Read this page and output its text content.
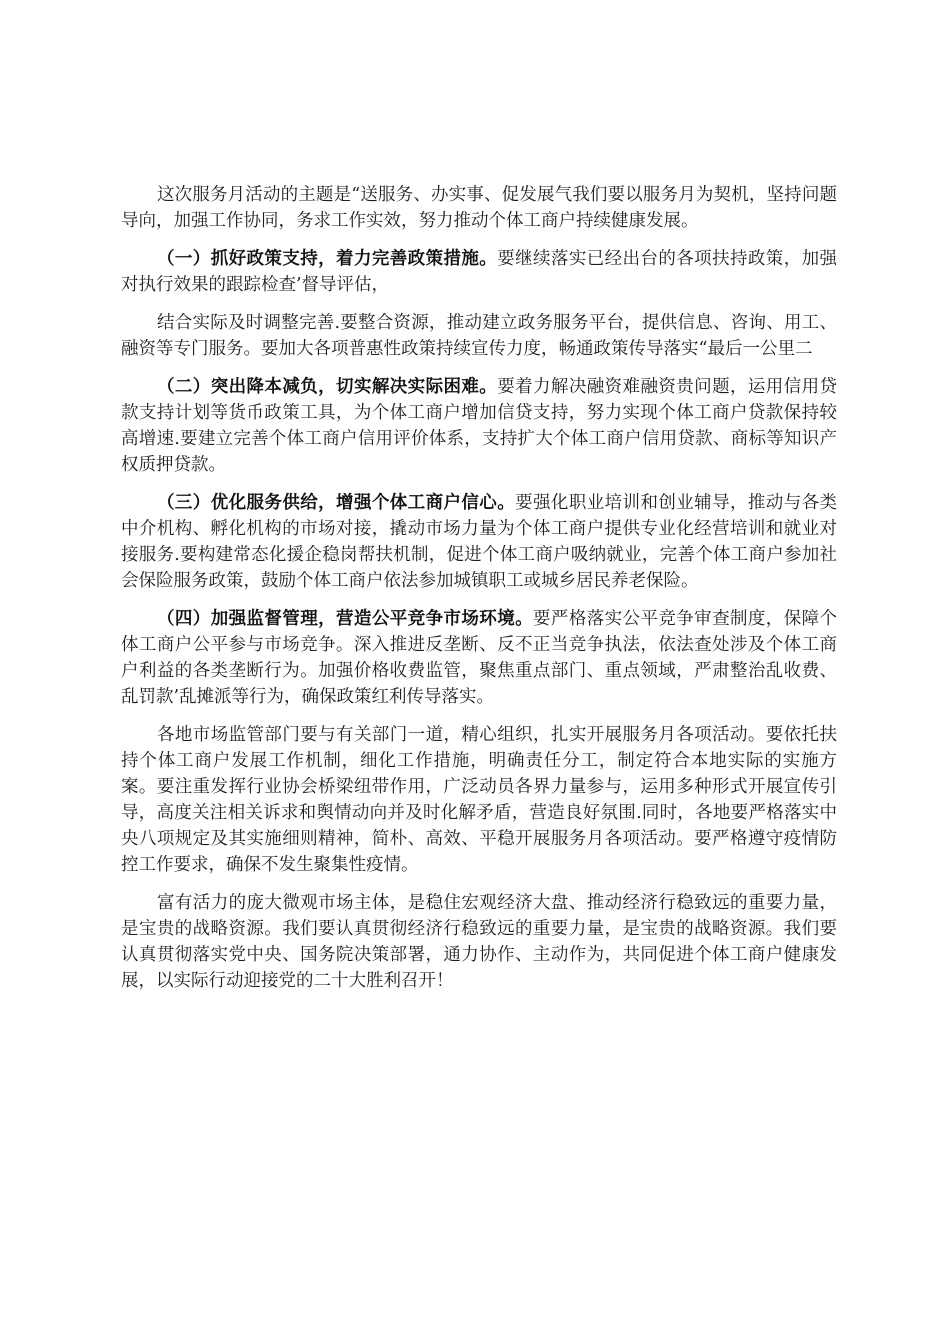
这次服务月活动的主题是“送服务、办实事、促发展气我们要以服务月为契机，坚持问题导向，加强工作协同，务求工作实效，努力推动个体工商户持续健康发展。

（一）抓好政策支持，着力完善政策措施。要继续落实已经出台的各项扶持政策，加强对执行效果的跟踪检查’督导评估，

结合实际及时调整完善.要整合资源，推动建立政务服务平台，提供信息、咨询、用工、融资等专门服务。要加大各项普惠性政策持续宣传力度，畅通政策传导落实“最后一公里二

（二）突出降本减负，切实解决实际困难。要着力解决融资难融资贵问题，运用信用贷款支持计划等货币政策工具，为个体工商户增加信贷支持，努力实现个体工商户贷款保持较高增速.要建立完善个体工商户信用评价体系，支持扩大个体工商户信用贷款、商标等知识产权质押贷款。

（三）优化服务供给，增强个体工商户信心。要强化职业培训和创业辅导，推动与各类中介机构、孵化机构的市场对接，撬动市场力量为个体工商户提供专业化经营培训和就业对接服务.要构建常态化援企稳岗帮扶机制，促进个体工商户吸纳就业，完善个体工商户参加社会保险服务政策，鼓励个体工商户依法参加城镇职工或城乡居民养老保险。

（四）加强监督管理，营造公平竞争市场环境。要严格落实公平竞争审查制度，保障个体工商户公平参与市场竞争。深入推进反垄断、反不正当竞争执法，依法查处涉及个体工商户利益的各类垄断行为。加强价格收费监管，聚焦重点部门、重点领域，严肃整治乱收费、乱罚款’乱摊派等行为，确保政策红利传导落实。

各地市场监管部门要与有关部门一道，精心组织，扎实开展服务月各项活动。要依托扶持个体工商户发展工作机制，细化工作措施，明确责任分工，制定符合本地实际的实施方案。要注重发挥行业协会桥梁纽带作用，广泛动员各界力量参与，运用多种形式开展宣传引导，高度关注相关诉求和舆情动向并及时化解矛盾，营造良好氛围.同时，各地要严格落实中央八项规定及其实施细则精神，简朴、高效、平稳开展服务月各项活动。要严格遵守疫情防控工作要求，确保不发生聚集性疫情。

富有活力的庞大微观市场主体，是稳住宏观经济大盘、推动经济行稳致远的重要力量，是宝贵的战略资源。我们要认真贯彻经济行稳致远的重要力量，是宝贵的战略资源。我们要认真贯彻落实党中央、国务院决策部署，通力协作、主动作为，共同促进个体工商户健康发展，以实际行动迎接党的二十大胜利召开！
